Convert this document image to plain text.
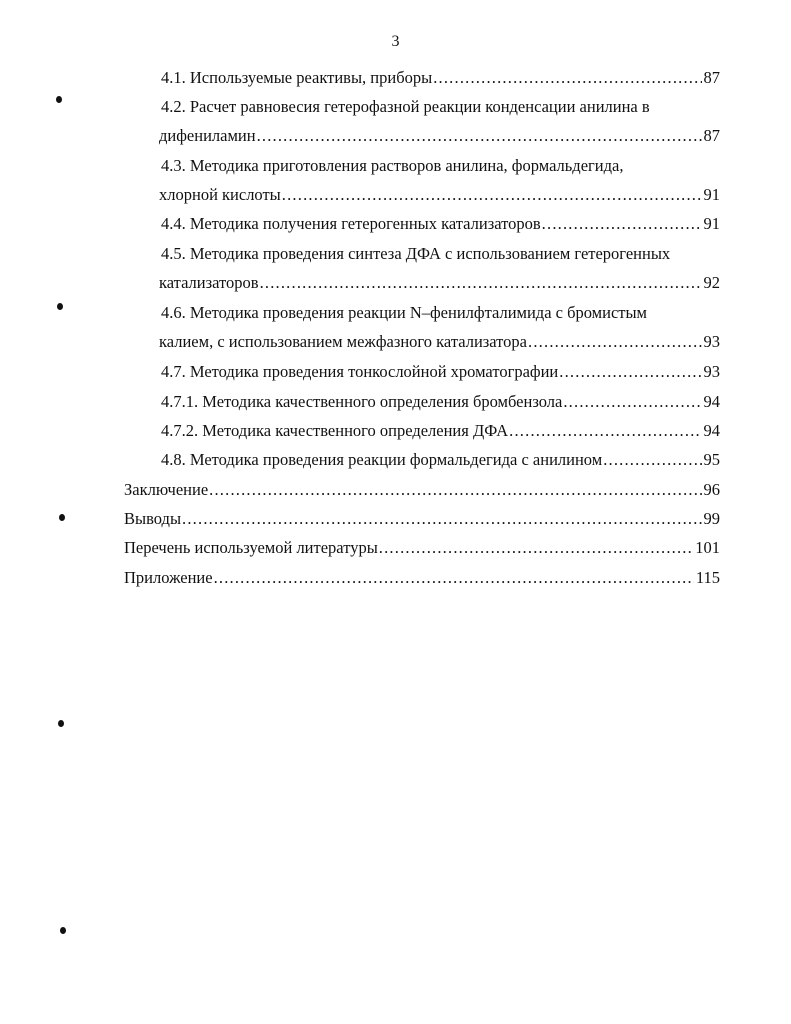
3
4.1. Используемые реактивы, приборы .....	87
4.2. Расчет равновесия гетерофазной реакции конденсации анилина в
дифениламин .....	87
4.3. Методика приготовления растворов анилина, формальдегида,
хлорной кислоты .....	91
4.4. Методика получения гетерогенных катализаторов .....	91
4.5. Методика проведения синтеза ДФА с использованием гетерогенных
катализаторов .....	92
4.6. Методика проведения реакции N–фенилфталимида с бромистым
калием, с использованием межфазного катализатора .....	93
4.7. Методика проведения тонкослойной хроматографии .....	93
4.7.1. Методика качественного определения бромбензола .....	94
4.7.2. Методика качественного определения ДФА .....	94
4.8. Методика проведения реакции формальдегида с анилином .....	95
Заключение .....	96
Выводы .....	99
Перечень используемой литературы .....	101
Приложение .....	115
